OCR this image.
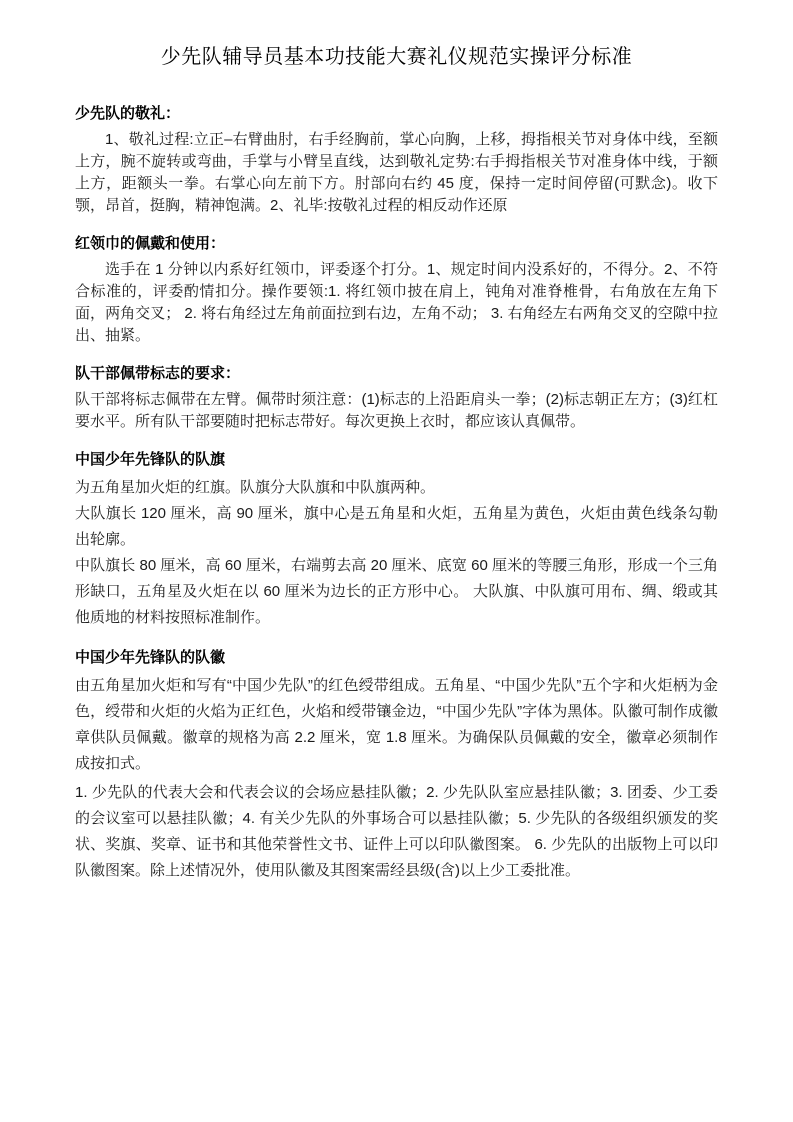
少先队辅导员基本功技能大赛礼仪规范实操评分标准
少先队的敬礼：

1、敬礼过程:立正–右臂曲肘，右手经胸前，掌心向胸，上移，拇指根关节对身体中线，至额上方，腕不旋转或弯曲，手掌与小臂呈直线，达到敬礼定势:右手拇指根关节对准身体中线，于额上方，距额头一拳。右掌心向左前下方。肘部向右约 45 度，保持一定时间停留(可默念)。收下颚，昂首，挺胸，精神饱满。2、礼毕:按敬礼过程的相反动作还原

红领巾的佩戴和使用：

选手在 1 分钟以内系好红领巾，评委逐个打分。1、规定时间内没系好的，不得分。2、不符合标准的，评委酌情扣分。操作要领:1. 将红领巾披在肩上，钝角对准脊椎骨，右角放在左角下面，两角交叉； 2. 将右角经过左角前面拉到右边，左角不动； 3. 右角经左右两角交叉的空隙中拉出、抽紧。

队干部佩带标志的要求：

队干部将标志佩带在左臂。佩带时须注意：(1)标志的上沿距肩头一拳；(2)标志朝正左方；(3)红杠要水平。所有队干部要随时把标志带好。每次更换上衣时，都应该认真佩带。

中国少年先锋队的队旗

为五角星加火炬的红旗。队旗分大队旗和中队旗两种。

大队旗长 120 厘米，高 90 厘米，旗中心是五角星和火炬，五角星为黄色，火炬由黄色线条勾勒出轮廓。

中队旗长 80 厘米，高 60 厘米，右端剪去高 20 厘米、底宽 60 厘米的等腰三角形，形成一个三角形缺口，五角星及火炬在以 60 厘米为边长的正方形中心。 大队旗、中队旗可用布、绸、缎或其他质地的材料按照标准制作。

中国少年先锋队的队徽

由五角星加火炬和写有“中国少先队”的红色绶带组成。五角星、“中国少先队”五个字和火炬柄为金色，绶带和火炬的火焰为正红色，火焰和绶带镶金边，“中国少先队”字体为黑体。队徽可制作成徽章供队员佩戴。徽章的规格为高 2.2 厘米，宽 1.8 厘米。为确保队员佩戴的安全，徽章必须制作成按扣式。

1. 少先队的代表大会和代表会议的会场应悬挂队徽；2. 少先队队室应悬挂队徽；3. 团委、少工委的会议室可以悬挂队徽；4. 有关少先队的外事场合可以悬挂队徽；5. 少先队的各级组织颁发的奖状、奖旗、奖章、证书和其他荣誉性文书、证件上可以印队徽图案。 6. 少先队的出版物上可以印队徽图案。除上述情况外，使用队徽及其图案需经县级(含)以上少工委批准。
